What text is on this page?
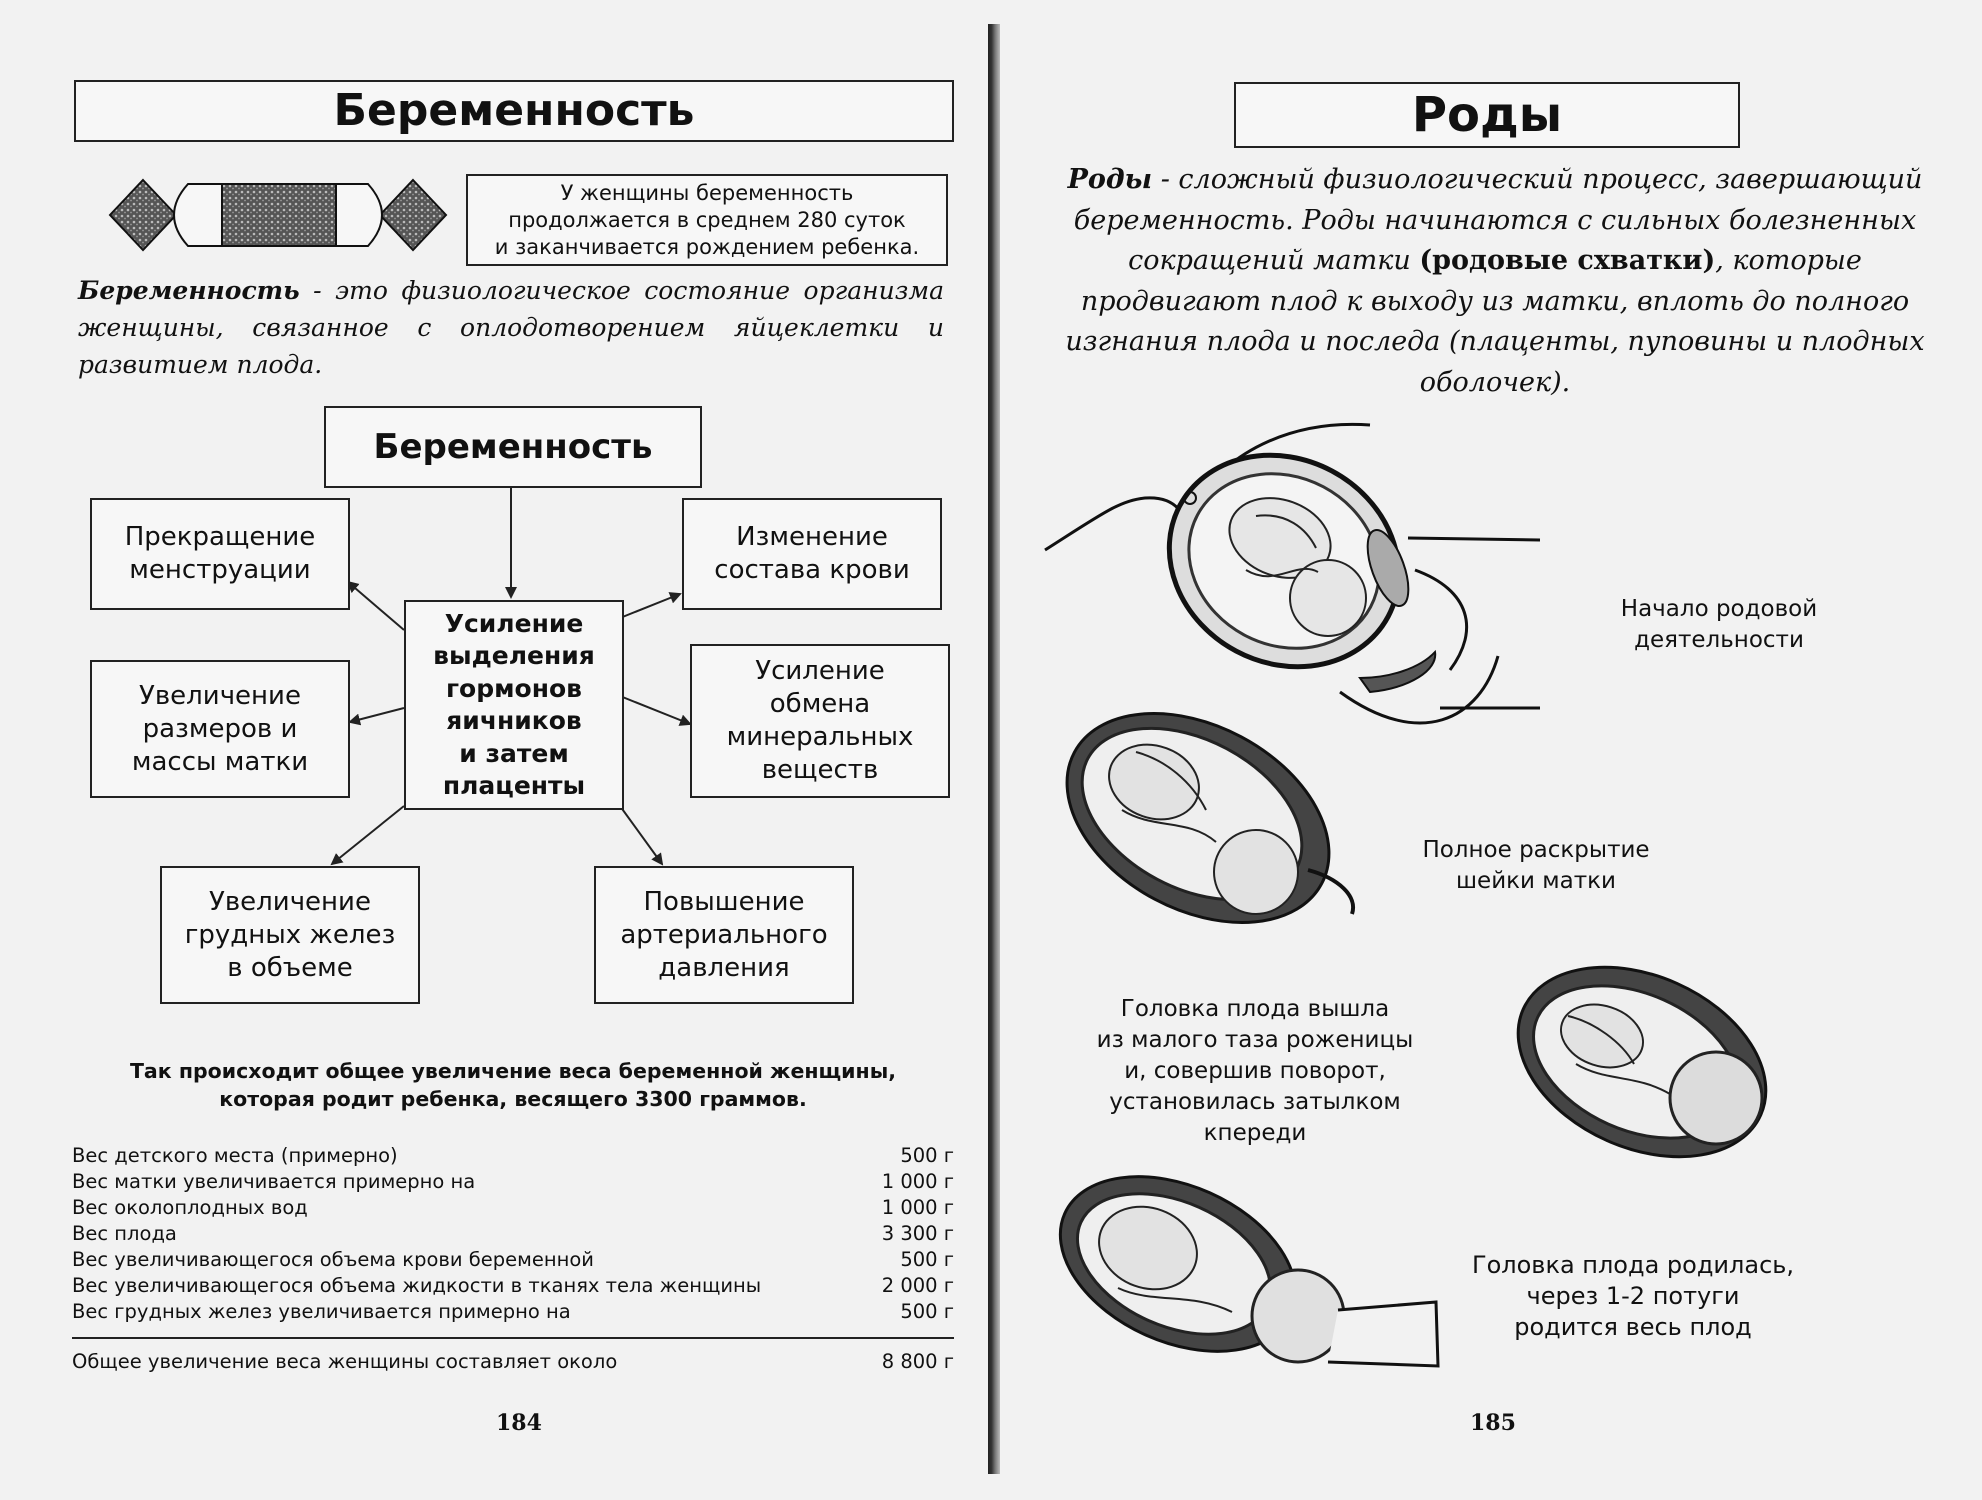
Беременность
У женщины беременность
продолжается в среднем 280 суток
и заканчивается рождением ребенка.

Беременность - это физиологическое состояние организма женщины, связанное с оплодотворением яйцеклетки и развитием плода.

Беременность
Усиление
выделения
гормонов
яичников
и затем
плаценты
Прекращение
менструации
Изменение
состава крови
Увеличение
размеров и
массы матки
Усиление
обмена
минеральных
веществ
Увеличение
грудных желез
в объеме
Повышение
артериального
давления
Так происходит общее увеличение веса беременной женщины,
которая родит ребенка, весящего 3300 граммов.
Вес детского места (примерно)	500 г
Вес матки увеличивается примерно на	1 000 г
Вес околоплодных вод	1 000 г
Вес плода	3 300 г
Вес увеличивающегося объема крови беременной	500 г
Вес увеличивающегося объема жидкости в тканях тела женщины	2 000 г
Вес грудных желез увеличивается примерно на	500 г
Общее увеличение веса женщины составляет около	8 800 г
184
Роды

Роды - сложный физиологический процесс, завершающий беременность. Роды начинаются с сильных болезненных сокращений матки (родовые схватки), которые продвигают плод к выходу из матки, вплоть до полного изгнания плода и последа (плаценты, пуповины и плодных оболочек).

Начало родовой
деятельности
Полное раскрытие
шейки матки
Головка плода вышла
из малого таза роженицы
и, совершив поворот,
установилась затылком
кпереди
Головка плода родилась,
через 1-2 потуги
родится весь плод
185
